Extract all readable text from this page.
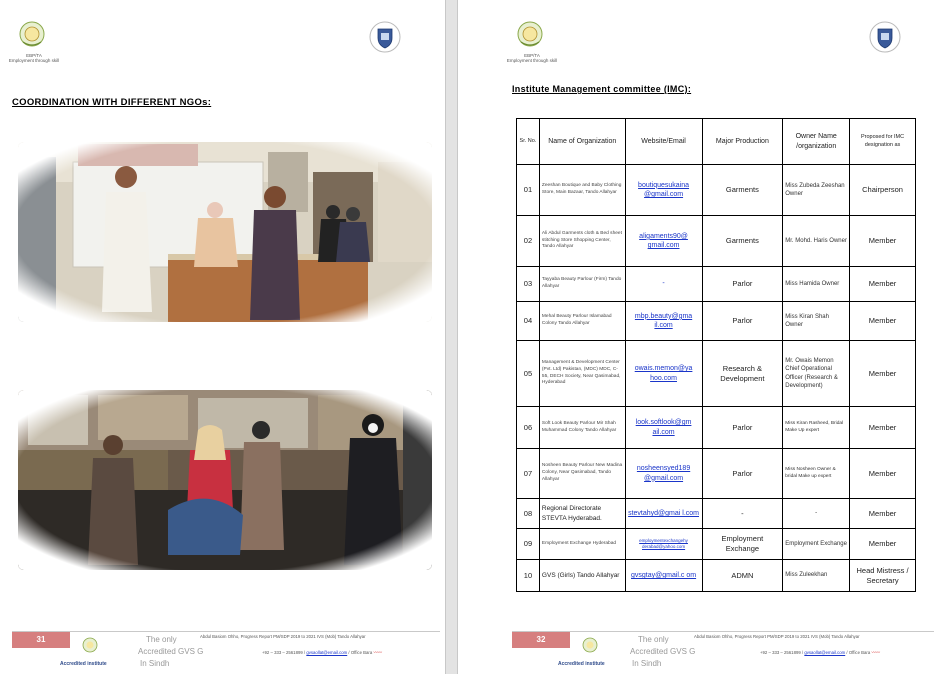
EBP/TA
Employment through skill
COORDINATION WITH DIFFERENT NGOs:
31
Accredited institute
The only
Accredited GVS G
In Sindh
Abdul Basiom Ohho, Progress Report PM/SDP 2019 to 2021 IVS (Mob) Tando Allahyar
+92 – 333 – 2561899 / gvsaollat@email.com / Office Bara 〰〰
EBP/TA
Employment through skill
Institute Management committee (IMC):
32
Accredited institute
The only
Accredited GVS G
In Sindh
Abdul Basiom Ohho, Progress Report PM/SDP 2019 to 2021 IVS (Mob) Tando Allahyar
+92 – 333 – 2561899 / gvsaollat@email.com / Office Bara 〰〰
Sr. No.	Name of Organization	Website/Email	Major Production	Owner Name /organization	Proposed for IMC designation as
01	Zeeshan Boutique and Baby Clothing Store, Main Bazaar, Tando Allahyar	boutiquesukaina @gmail.com	Garments	Miss Zubeda Zeeshan Owner	Chairperson
02	Ali Abdul Garments cloth & Bed sheet stitching Store Shopping Center, Tando Allahyar	aligaments90@ gmail.com	Garments	Mr. Mohd. Haris Owner	Member
03	Tayyaba Beauty Parlour (Firm) Tando Allahyar	-	Parlor	Miss Hamida Owner	Member
04	Mehal Beauty Parlour Islamabad Colony Tando Allahyar	mbp.beauty@gma il.com	Parlor	Miss Kiran Shah Owner	Member
05	Management & Development Center (Pvt. Ltd) Pakistan, (MDC) MDC, C-55, DECH Society, Near Qasimabad, Hyderabad	owais.memon@ya hoo.com	Research & Development	Mr. Owais Memon Chief Operational Officer (Research & Development)	Member
06	Soft Look Beauty Parlour Mir Shah Muhammad Colony Tando Allahyar	look.softlook@gm ail.com	Parlor	Miss Kiran Rasheed, Bridal Make Up expert	Member
07	Nosheen Beauty Parlour New Madina Colony, Near Qasimabad, Tando Allahyar	nosheensyed189 @gmail.com	Parlor	Miss Nosheen Owner & bridal Make up expert	Member
08	Regional Directorate STEVTA Hyderabad.	stevtahyd@gmai l.com	-	-	Member
09	Employment Exchange Hyderabad	employmentexchangehy derabad@yahoo.com	Employment Exchange	Employment Exchange	Member
10	GVS (Girls) Tando Allahyar	gvsgtay@gmail.c om	ADMN	Miss Zuleekhan	Head Mistress / Secretary
